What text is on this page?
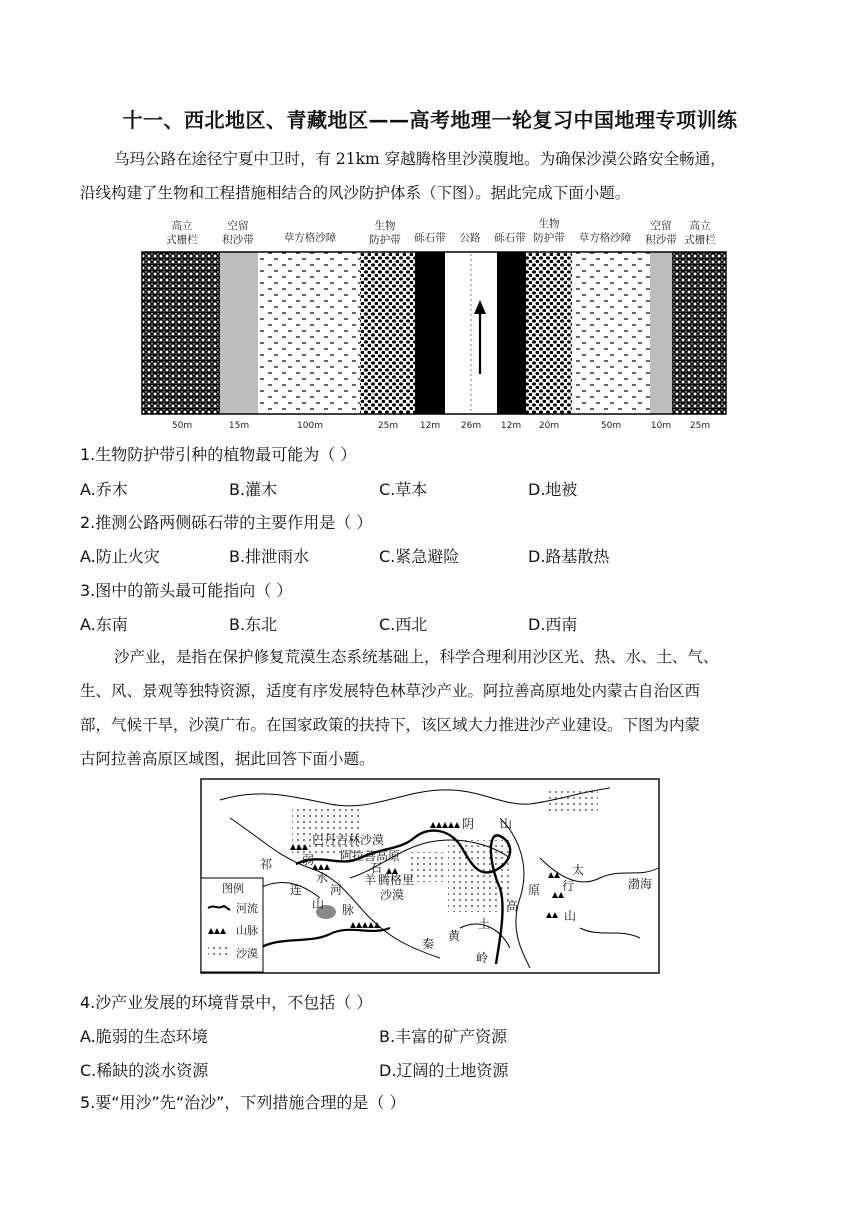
十一、西北地区、青藏地区——高考地理一轮复习中国地理专项训练
乌玛公路在途径宁夏中卫时，有 21km 穿越腾格里沙漠腹地。为确保沙漠公路安全畅通，
沿线构建了生物和工程措施相结合的风沙防护体系（下图）。据此完成下面小题。
高立
式栅栏
空留
积沙带	草方格沙障
生物
防护带 砾石带 公路 砾石带
生物
防护带 草方格沙障
空留
积沙带
高立
式栅栏
50m	15m	100m	25m 12m 26m 12m 20m	50m	10m 25m
1.生物防护带引种的植物最可能为（ ）
A.乔木	B.灌木	C.草本	D.地被
2.推测公路两侧砾石带的主要作用是（ ）
A.防止火灾	B.排泄雨水	C.紧急避险	D.路基散热
3.图中的箭头最可能指向（ ）
A.东南	B.东北	C.西北	D.西南
沙产业，是指在保护修复荒漠生态系统基础上，科学合理利用沙区光、热、水、土、气、
生、风、景观等独特资源，适度有序发展特色林草沙产业。阿拉善高原地处内蒙古自治区西
部，气候干旱，沙漠广布。在国家政策的扶持下，该区域大力推进沙产业建设。下图为内蒙
古阿拉善高原区域图，据此回答下面小题。
巴丹吉林沙漠
阿拉善高原
腾格里
沙漠
阴 山
祁
连
山
弱
水
河
脉
石
羊
黄
土
高
原
秦
岭
太
行
山
渤海
图例
河流
山脉
沙漠
4.沙产业发展的环境背景中，不包括（ ）
A.脆弱的生态环境	B.丰富的矿产资源
C.稀缺的淡水资源	D.辽阔的土地资源
5.要“用沙”先“治沙”，下列措施合理的是（ ）
